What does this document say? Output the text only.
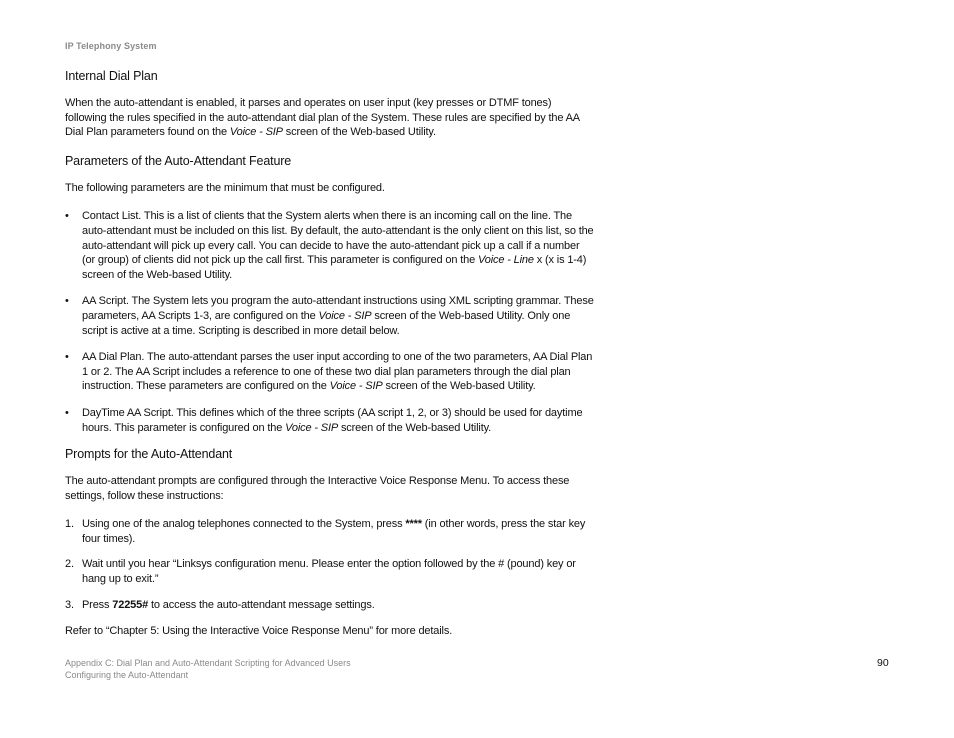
IP Telephony System
Internal Dial Plan
When the auto-attendant is enabled, it parses and operates on user input (key presses or DTMF tones) following the rules specified in the auto-attendant dial plan of the System. These rules are specified by the AA Dial Plan parameters found on the Voice - SIP screen of the Web-based Utility.
Parameters of the Auto-Attendant Feature
The following parameters are the minimum that must be configured.
• Contact List. This is a list of clients that the System alerts when there is an incoming call on the line. The auto-attendant must be included on this list. By default, the auto-attendant is the only client on this list, so the auto-attendant will pick up every call. You can decide to have the auto-attendant pick up a call if a number (or group) of clients did not pick up the call first. This parameter is configured on the Voice - Line x (x is 1-4) screen of the Web-based Utility.
• AA Script. The System lets you program the auto-attendant instructions using XML scripting grammar. These parameters, AA Scripts 1-3, are configured on the Voice - SIP screen of the Web-based Utility. Only one script is active at a time. Scripting is described in more detail below.
• AA Dial Plan. The auto-attendant parses the user input according to one of the two parameters, AA Dial Plan 1 or 2. The AA Script includes a reference to one of these two dial plan parameters through the dial plan instruction. These parameters are configured on the Voice - SIP screen of the Web-based Utility.
• DayTime AA Script. This defines which of the three scripts (AA script 1, 2, or 3) should be used for daytime hours. This parameter is configured on the Voice - SIP screen of the Web-based Utility.
Prompts for the Auto-Attendant
The auto-attendant prompts are configured through the Interactive Voice Response Menu. To access these settings, follow these instructions:
1. Using one of the analog telephones connected to the System, press **** (in other words, press the star key four times).
2. Wait until you hear “Linksys configuration menu. Please enter the option followed by the # (pound) key or hang up to exit.”
3. Press 72255# to access the auto-attendant message settings.
Refer to “Chapter 5: Using the Interactive Voice Response Menu” for more details.
Appendix C: Dial Plan and Auto-Attendant Scripting for Advanced Users
Configuring the Auto-Attendant
90
